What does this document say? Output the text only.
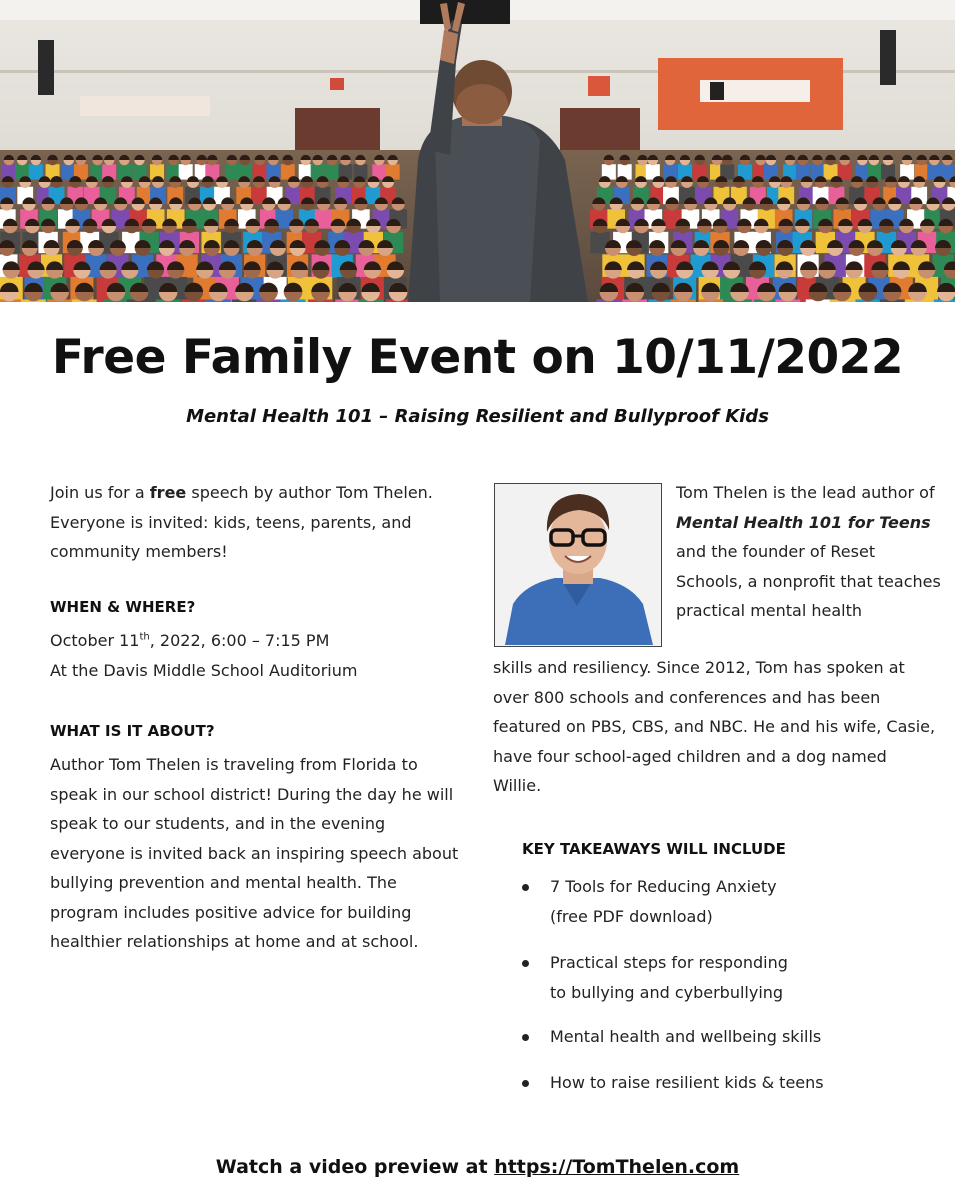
Free Family Event on 10/11/2022
Mental Health 101 – Raising Resilient and Bullyproof Kids

Join us for a free speech by author Tom Thelen. Everyone is invited: kids, teens, parents, and community members!

WHEN & WHERE?
October 11th, 2022, 6:00 – 7:15 PM
At the Davis Middle School Auditorium
WHAT IS IT ABOUT?

Author Tom Thelen is traveling from Florida to speak in our school district! During the day he will speak to our students, and in the evening everyone is invited back an inspiring speech about bullying prevention and mental health. The program includes positive advice for building healthier relationships at home and at school.

Tom Thelen is the lead author of Mental Health 101 for Teens and the founder of Reset Schools, a nonprofit that teaches practical mental health

skills and resiliency. Since 2012, Tom has spoken at over 800 schools and conferences and has been featured on PBS, CBS, and NBC. He and his wife, Casie, have four school-aged children and a dog named Willie.

KEY TAKEAWAYS WILL INCLUDE
7 Tools for Reducing Anxiety
(free PDF download)
Practical steps for responding
to bullying and cyberbullying
Mental health and wellbeing skills
How to raise resilient kids & teens
Watch a video preview at https://TomThelen.com
